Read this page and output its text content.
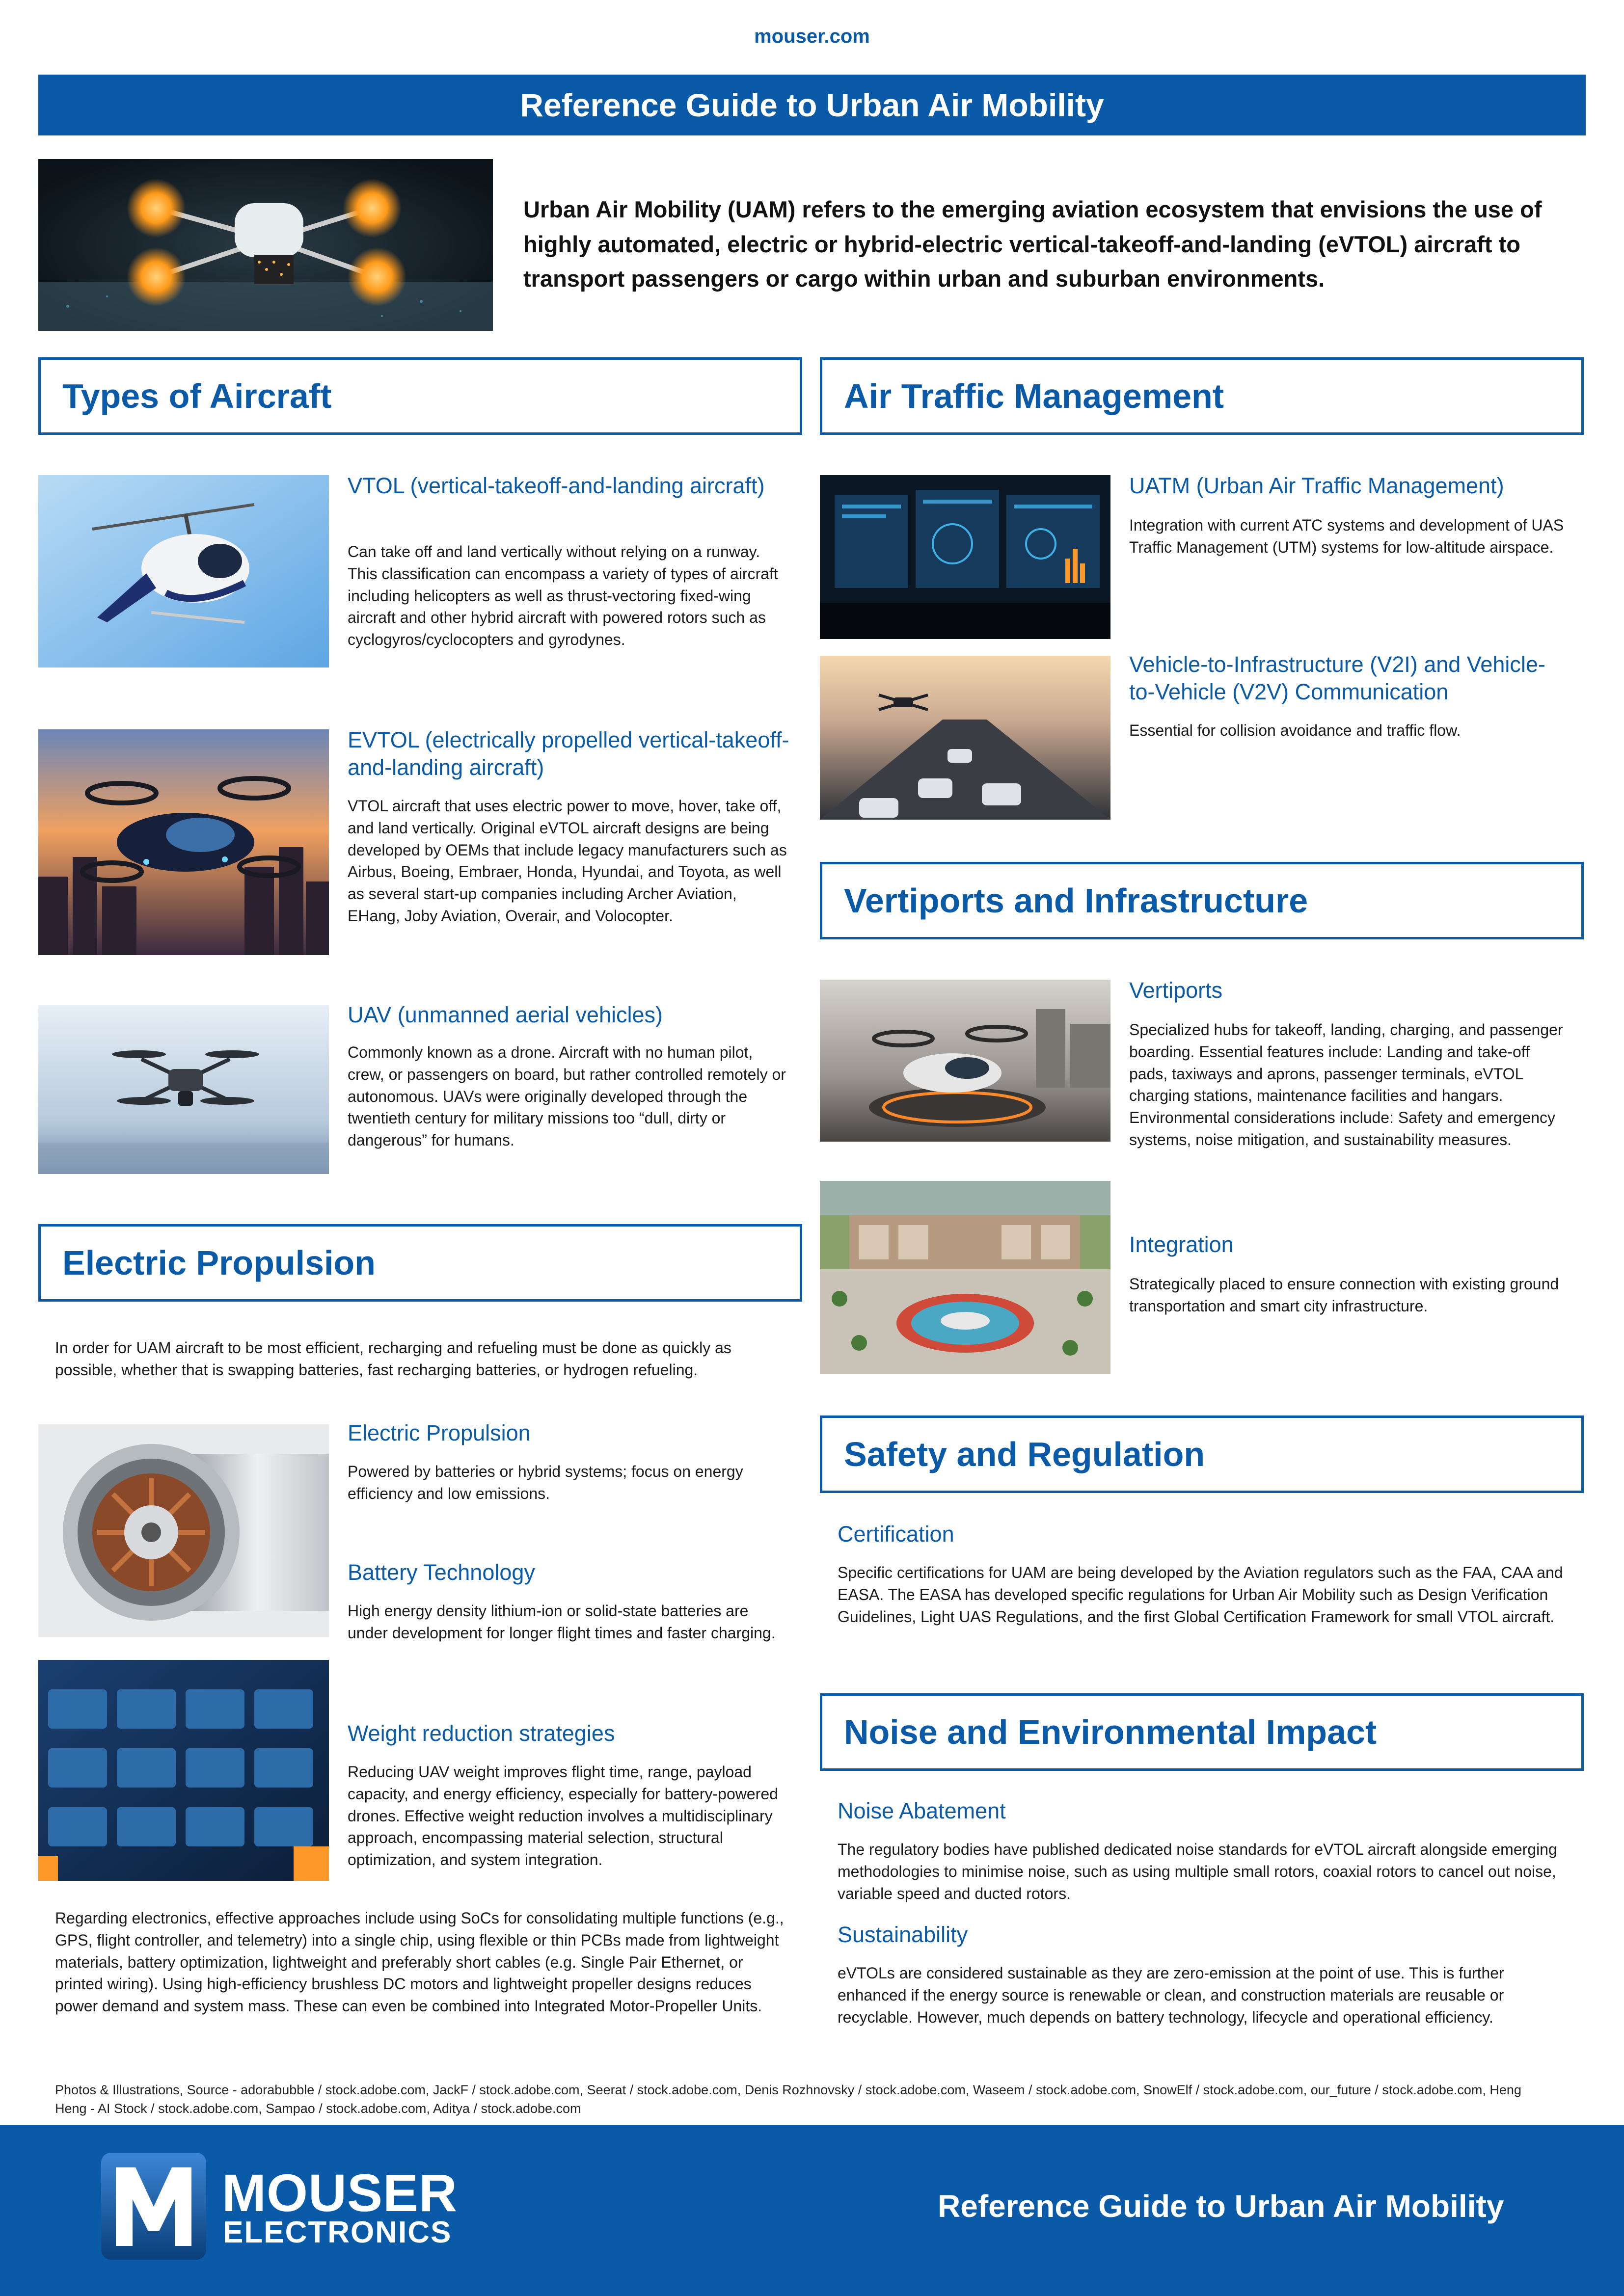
mouser.com
Reference Guide to Urban Air Mobility
Urban Air Mobility (UAM) refers to the emerging aviation ecosystem that envisions the use of highly automated, electric or hybrid-electric vertical-takeoff-and-landing (eVTOL) aircraft to transport passengers or cargo within urban and suburban environments.
Types of Aircraft
VTOL (vertical-takeoff-and-landing aircraft)
Can take off and land vertically without relying on a runway. This classification can encompass a variety of types of aircraft including helicopters as well as thrust-vectoring fixed-wing aircraft and other hybrid aircraft with powered rotors such as cyclogyros/cyclocopters and gyrodynes.
EVTOL (electrically propelled vertical-takeoff-and-landing aircraft)
VTOL aircraft that uses electric power to move, hover, take off, and land vertically. Original eVTOL aircraft designs are being developed by OEMs that include legacy manufacturers such as Airbus, Boeing, Embraer, Honda, Hyundai, and Toyota, as well as several start-up companies including Archer Aviation, EHang, Joby Aviation, Overair, and Volocopter.
UAV (unmanned aerial vehicles)
Commonly known as a drone. Aircraft with no human pilot, crew, or passengers on board, but rather controlled remotely or autonomous. UAVs were originally developed through the twentieth century for military missions too “dull, dirty or dangerous” for humans.
Electric Propulsion
In order for UAM aircraft to be most efficient, recharging and refueling must be done as quickly as possible, whether that is swapping batteries, fast recharging batteries, or hydrogen refueling.
Electric Propulsion
Powered by batteries or hybrid systems; focus on energy efficiency and low emissions.
Battery Technology
High energy density lithium-ion or solid-state batteries are under development for longer flight times and faster charging.
Weight reduction strategies
Reducing UAV weight improves flight time, range, payload capacity, and energy efficiency, especially for battery-powered drones. Effective weight reduction involves a multidisciplinary approach, encompassing material selection, structural optimization, and system integration.
Regarding electronics, effective approaches include using SoCs for consolidating multiple functions (e.g., GPS, flight controller, and telemetry) into a single chip, using flexible or thin PCBs made from lightweight materials, battery optimization, lightweight and preferably short cables (e.g. Single Pair Ethernet, or printed wiring). Using high-efficiency brushless DC motors and lightweight propeller designs reduces power demand and system mass. These can even be combined into Integrated Motor-Propeller Units.
Air Traffic Management
UATM (Urban Air Traffic Management)
Integration with current ATC systems and development of UAS Traffic Management (UTM) systems for low-altitude airspace.
Vehicle-to-Infrastructure (V2I) and Vehicle-to-Vehicle (V2V) Communication
Essential for collision avoidance and traffic flow.
Vertiports and Infrastructure
Vertiports
Specialized hubs for takeoff, landing, charging, and passenger boarding. Essential features include: Landing and take-off pads, taxiways and aprons, passenger terminals, eVTOL charging stations, maintenance facilities and hangars. Environmental considerations include: Safety and emergency systems, noise mitigation, and sustainability measures.
Integration
Strategically placed to ensure connection with existing ground transportation and smart city infrastructure.
Safety and Regulation
Certification
Specific certifications for UAM are being developed by the Aviation regulators such as the FAA, CAA and EASA. The EASA has developed specific regulations for Urban Air Mobility such as Design Verification Guidelines, Light UAS Regulations, and the first Global Certification Framework for small VTOL aircraft.
Noise and Environmental Impact
Noise Abatement
The regulatory bodies have published dedicated noise standards for eVTOL aircraft alongside emerging methodologies to minimise noise, such as using multiple small rotors, coaxial rotors to cancel out noise, variable speed and ducted rotors.
Sustainability
eVTOLs are considered sustainable as they are zero-emission at the point of use. This is further enhanced if the energy source is renewable or clean, and construction materials are reusable or recyclable. However, much depends on battery technology, lifecycle and operational efficiency.
Photos & Illustrations, Source - adorabubble / stock.adobe.com, JackF / stock.adobe.com, Seerat / stock.adobe.com, Denis Rozhnovsky / stock.adobe.com, Waseem / stock.adobe.com, SnowElf / stock.adobe.com, our_future / stock.adobe.com, Heng Heng - AI Stock / stock.adobe.com, Sampao / stock.adobe.com, Aditya / stock.adobe.com
MOUSER
ELECTRONICS
Reference Guide to Urban Air Mobility
